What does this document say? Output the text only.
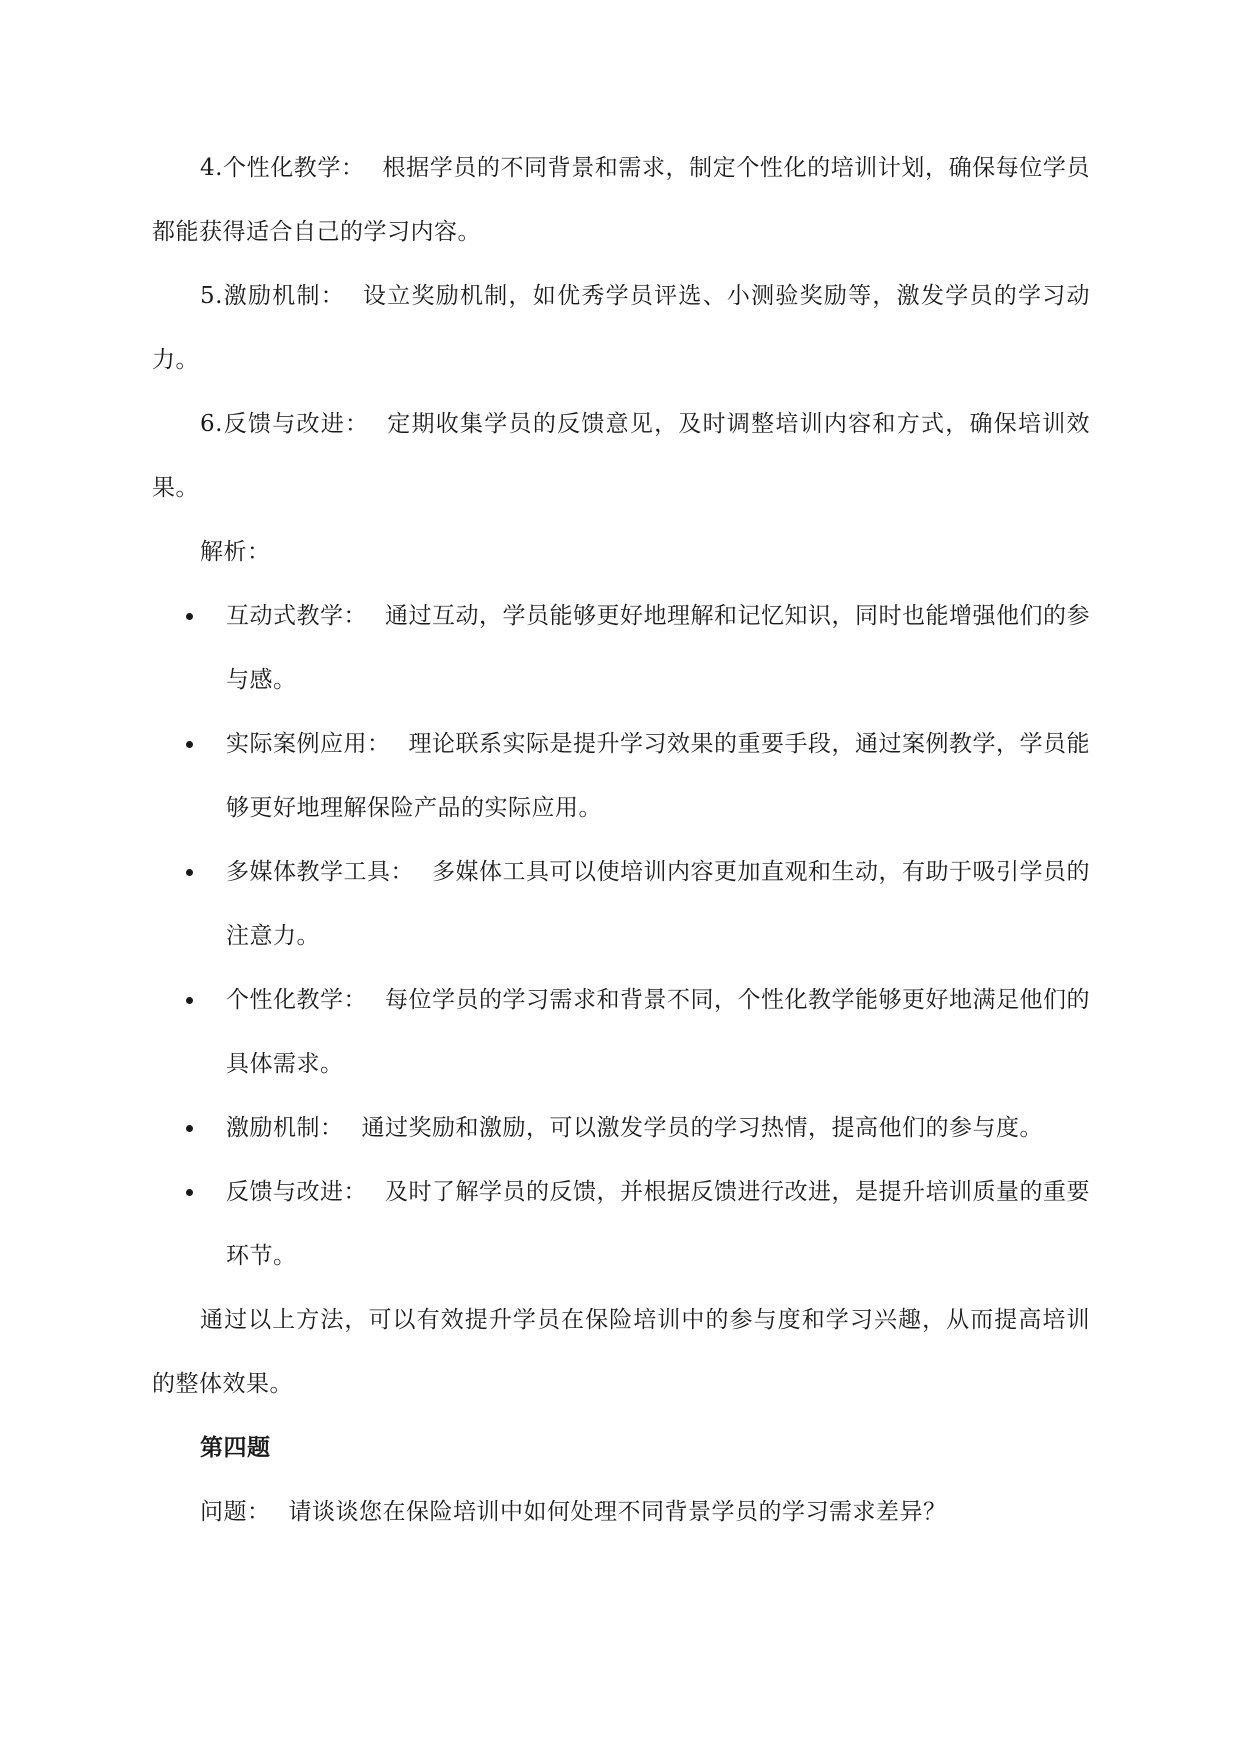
4.个性化教学： 根据学员的不同背景和需求，制定个性化的培训计划，确保每位学员都能获得适合自己的学习内容。

5.激励机制： 设立奖励机制，如优秀学员评选、小测验奖励等，激发学员的学习动力。

6.反馈与改进： 定期收集学员的反馈意见，及时调整培训内容和方式，确保培训效果。

解析：

互动式教学： 通过互动，学员能够更好地理解和记忆知识，同时也能增强他们的参与感。
实际案例应用： 理论联系实际是提升学习效果的重要手段，通过案例教学，学员能够更好地理解保险产品的实际应用。
多媒体教学工具： 多媒体工具可以使培训内容更加直观和生动，有助于吸引学员的注意力。
个性化教学： 每位学员的学习需求和背景不同，个性化教学能够更好地满足他们的具体需求。
激励机制： 通过奖励和激励，可以激发学员的学习热情，提高他们的参与度。
反馈与改进： 及时了解学员的反馈，并根据反馈进行改进，是提升培训质量的重要环节。

通过以上方法，可以有效提升学员在保险培训中的参与度和学习兴趣，从而提高培训的整体效果。

第四题

问题： 请谈谈您在保险培训中如何处理不同背景学员的学习需求差异？
